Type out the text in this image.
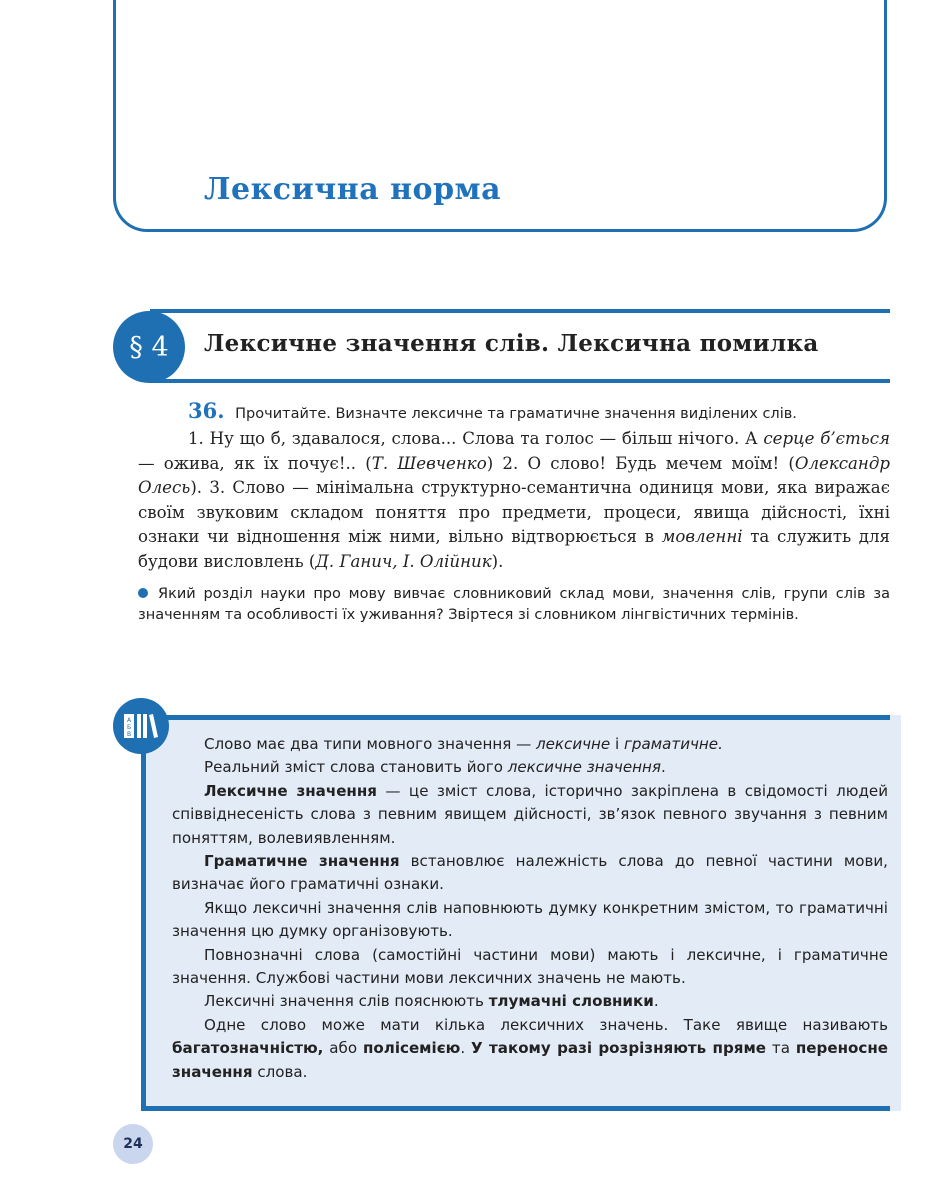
Лексична норма
§ 4	Лексичне значення слів. Лексична помилка
36. Прочитайте. Визначте лексичне та граматичне значення виділених слів.

1. Ну що б, здавалося, слова... Слова та голос — більш нічого. А серце б’ється — ожива, як їх почує!.. (Т. Шевченко) 2. О слово! Будь мечем моїм! (Олександр Олесь). 3. Слово — мінімальна структурно-семантична одиниця мови, яка виражає своїм звуковим складом поняття про предмети, процеси, явища дійсності, їхні ознаки чи відношення між ними, вільно відтворюється в мовленні та служить для будови висловлень (Д. Ганич, І. Олійник).

Який розділ науки про мову вивчає словниковий склад мови, значення слів, групи слів за значенням та особливості їх уживання? Звіртеся зі словником лінгвістичних термінів.
А
Б
В

Слово має два типи мовного значення — лексичне і граматичне.

Реальний зміст слова становить його лексичне значення.

Лексичне значення — це зміст слова, історично закріплена в свідомості людей співвіднесеність слова з певним явищем дійсності, зв’язок певного звучання з певним поняттям, волевиявленням.

Граматичне значення встановлює належність слова до певної частини мови, визначає його граматичні ознаки.

Якщо лексичні значення слів наповнюють думку конкретним змістом, то граматичні значення цю думку організовують.

Повнозначні слова (самостійні частини мови) мають і лексичне, і граматичне значення. Службові частини мови лексичних значень не мають.

Лексичні значення слів пояснюють тлумачні словники.

Одне слово може мати кілька лексичних значень. Таке явище називають багатозначністю, або полісемією. У такому разі розрізняють пряме та переносне значення слова.

24
